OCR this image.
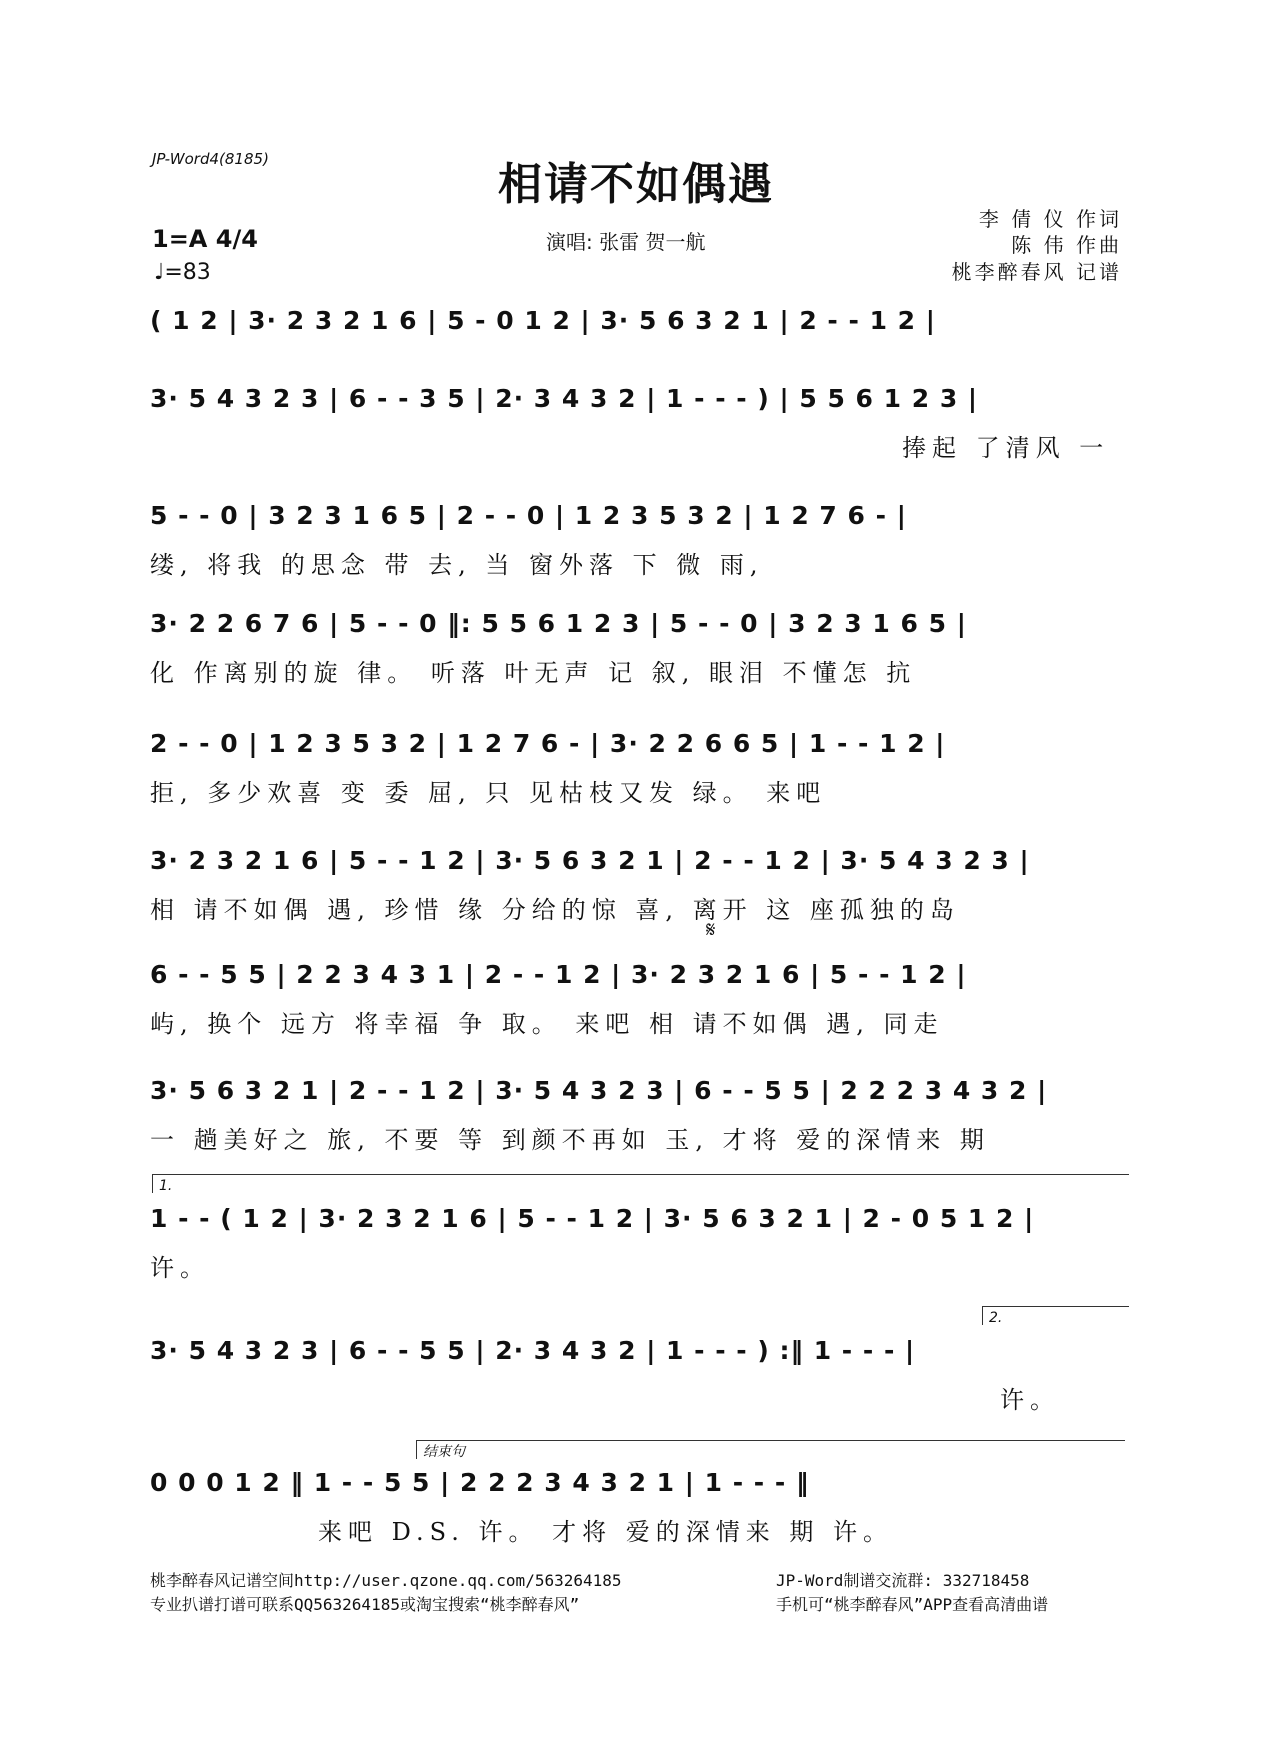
JP-Word4(8185)	相请不如偶遇
1=A 4/4
♩=83
演唱: 张雷 贺一航
李 倩 仪 作词
陈 伟 作曲
桃李醉春风 记谱
( 1 2 | 3· 2 3 2 1 6 | 5 - 0 1 2 | 3· 5 6 3 2 1 | 2 - - 1 2 |
3· 5 4 3 2 3 | 6 - - 3 5 | 2· 3 4 3 2 | 1 - - - ) | 5 5 6 1 2 3 |
捧起 了清风 一
5 - - 0 | 3 2 3 1 6 5 | 2 - - 0 | 1 2 3 5 3 2 | 1 2 7 6 - |
缕, 将我 的思念 带 去, 当 窗外落 下 微 雨,
3· 2 2 6 7 6 | 5 - - 0 ‖: 5 5 6 1 2 3 | 5 - - 0 | 3 2 3 1 6 5 |
化 作离别的旋 律。 听落 叶无声 记 叙, 眼泪 不懂怎 抗
2 - - 0 | 1 2 3 5 3 2 | 1 2 7 6 - | 3· 2 2 6 6 5 | 1 - - 1 2 |
拒, 多少欢喜 变 委 屈, 只 见枯枝又发 绿。 来吧
3· 2 3 2 1 6 | 5 - - 1 2 | 3· 5 6 3 2 1 | 2 - - 1 2 | 3· 5 4 3 2 3 |
相 请不如偶 遇, 珍惜 缘 分给的惊 喜, 离开 这 座孤独的岛
𝄋
6 - - 5 5 | 2 2 3 4 3 1 | 2 - - 1 2 | 3· 2 3 2 1 6 | 5 - - 1 2 |
屿, 换个 远方 将幸福 争 取。 来吧 相 请不如偶 遇, 同走
3· 5 6 3 2 1 | 2 - - 1 2 | 3· 5 4 3 2 3 | 6 - - 5 5 | 2 2 2 3 4 3 2 |
一 趟美好之 旅, 不要 等 到颜不再如 玉, 才将 爱的深情来 期
1.
1 - - ( 1 2 | 3· 2 3 2 1 6 | 5 - - 1 2 | 3· 5 6 3 2 1 | 2 - 0 5 1 2 |
许。
2.
3· 5 4 3 2 3 | 6 - - 5 5 | 2· 3 4 3 2 | 1 - - - ) :‖ 1 - - - |
许。
结束句
0 0 0 1 2 ‖ 1 - - 5 5 | 2 2 2 3 4 3 2 1 | 1 - - - ‖
来吧 D.S. 许。 才将 爱的深情来 期 许。
桃李醉春风记谱空间http://user.qzone.qq.com/563264185
专业扒谱打谱可联系QQ563264185或淘宝搜索“桃李醉春风”
JP-Word制谱交流群: 332718458
手机可“桃李醉春风”APP查看高清曲谱
